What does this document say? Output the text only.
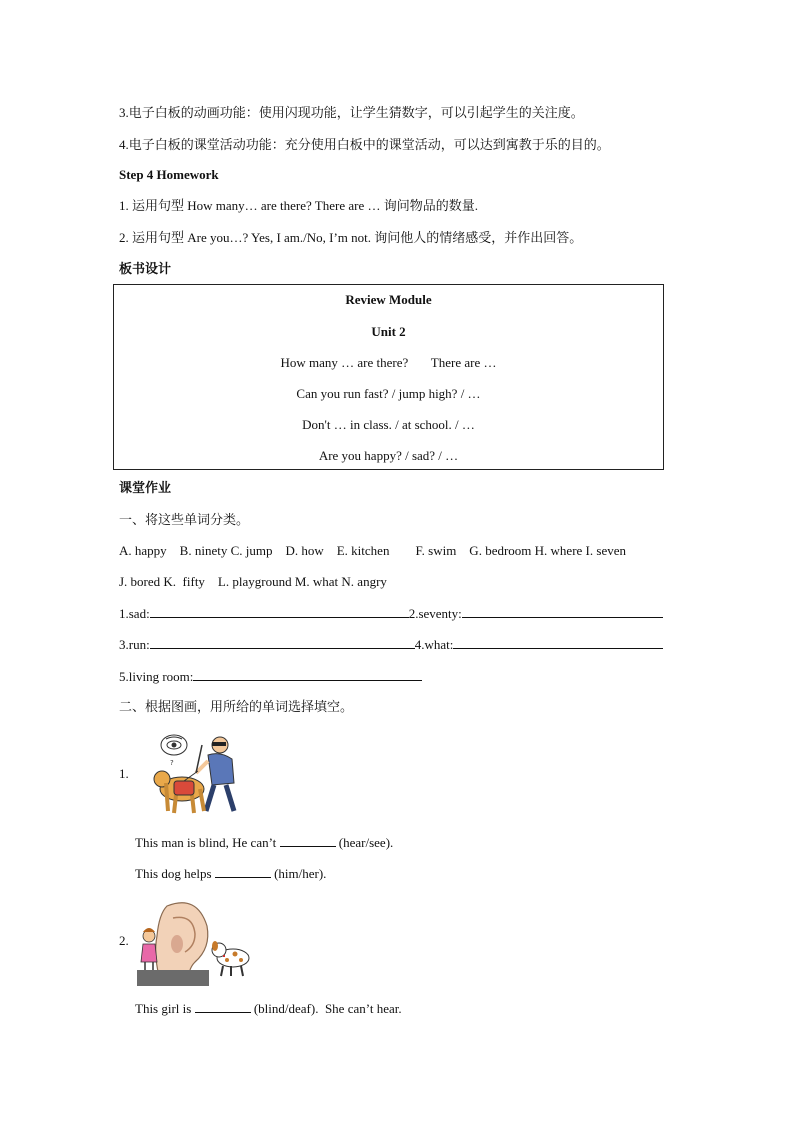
3.电子白板的动画功能：使用闪现功能，让学生猜数字，可以引起学生的关注度。
4.电子白板的课堂活动功能：充分使用白板中的课堂活动，可以达到寓教于乐的目的。
Step 4 Homework
1. 运用句型 How many… are there? There are … 询问物品的数量.
2. 运用句型 Are you…? Yes, I am./No, I’m not. 询问他人的情绪感受，并作出回答。
板书设计
Review Module
Unit 2
How many … are there?       There are …
Can you run fast? / jump high? / …
Don't … in class. / at school. / …
Are you happy? / sad? / …
课堂作业
一、将这些单词分类。
A. happy    B. ninety C. jump    D. how    E. kitchen        F. swim    G. bedroom H. where I. seven
J. bored K.  fifty    L. playground M. what N. angry
1.sad:	2.seventy:
3.run:	4.what:
5.living room:
二、根据图画，用所给的单词选择填空。
1.
?
This man is blind, He can’t	(hear/see).
This dog helps	(him/her).
2.
This girl is	(blind/deaf).  She can’t hear.
